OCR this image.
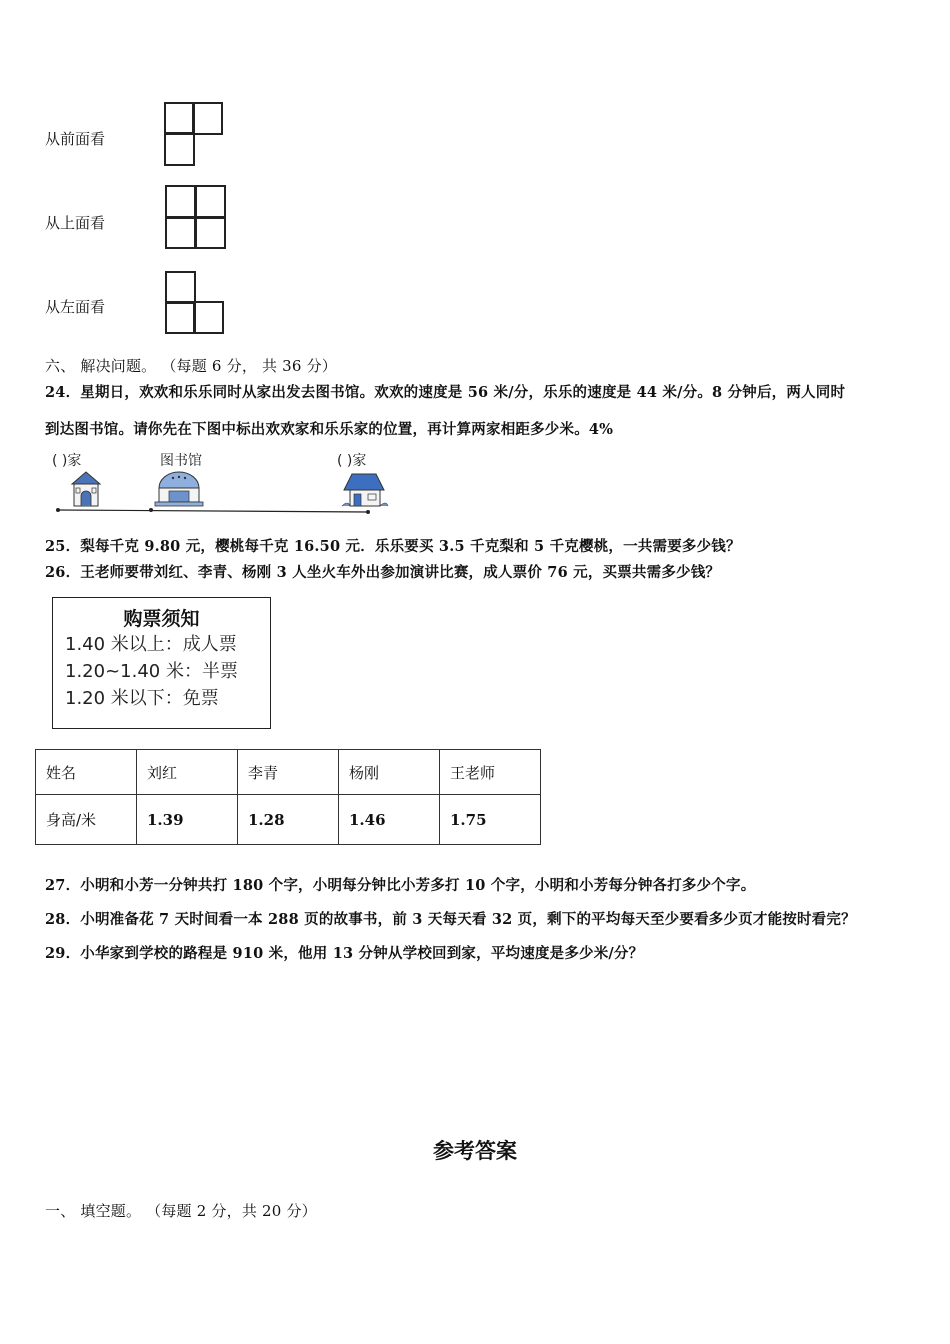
从前面看
从上面看
从左面看
六、 解决问题。 （每题 6 分， 共 36 分）
24．星期日，欢欢和乐乐同时从家出发去图书馆。欢欢的速度是 56 米/分，乐乐的速度是 44 米/分。8 分钟后，两人同时
到达图书馆。请你先在下图中标出欢欢家和乐乐家的位置，再计算两家相距多少米。4%
( )家	图书馆	( )家
25．梨每千克 9.80 元，樱桃每千克 16.50 元．乐乐要买 3.5 千克梨和 5 千克樱桃，一共需要多少钱？
26．王老师要带刘红、李青、杨刚 3 人坐火车外出参加演讲比赛，成人票价 76 元，买票共需多少钱？
购票须知
1.40 米以上：成人票
1.20~1.40 米：半票
1.20 米以下：免票
姓名	刘红	李青	杨刚	王老师
身高/米	1.39	1.28	1.46	1.75
27．小明和小芳一分钟共打 180 个字，小明每分钟比小芳多打 10 个字，小明和小芳每分钟各打多少个字。
28．小明准备花 7 天时间看一本 288 页的故事书，前 3 天每天看 32 页，剩下的平均每天至少要看多少页才能按时看完？
29．小华家到学校的路程是 910 米，他用 13 分钟从学校回到家，平均速度是多少米/分？
参考答案
一、 填空题。 （每题 2 分，共 20 分）
